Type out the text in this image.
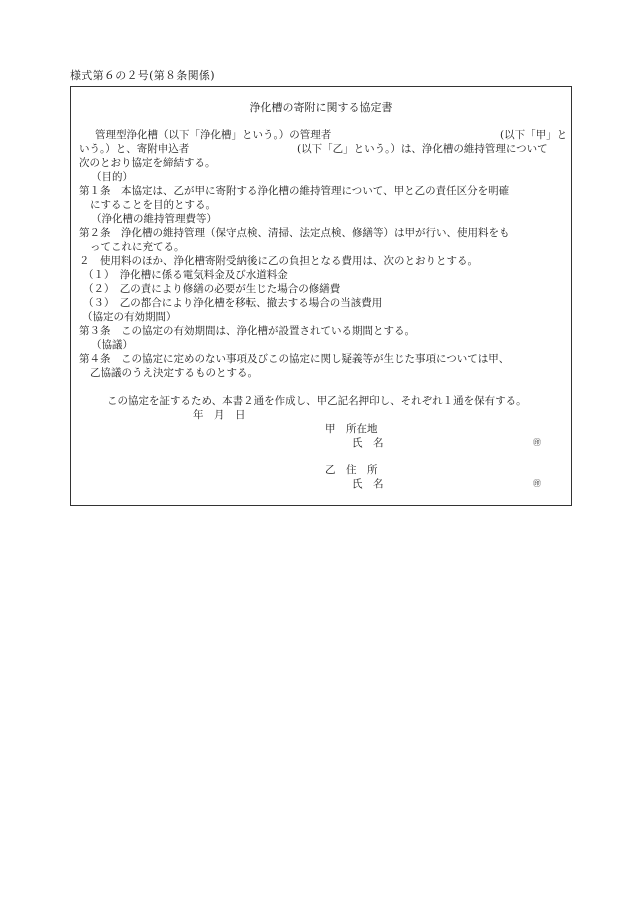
様式第６の２号(第８条関係)
浄化槽の寄附に関する協定書
この協定を証するため、本書２通を作成し、甲乙記名押印し、それぞれ１通を保有する。
年　月　日
㊞
㊞
管理型浄化槽（以下「浄化槽」という。）の管理者	(以下「甲」と
いう。）と、寄附申込者	(以下「乙」という。）は、浄化槽の維持管理について
次のとおり協定を締結する。
（目的）
第１条　本協定は、乙が甲に寄附する浄化槽の維持管理について、甲と乙の責任区分を明確
にすることを目的とする。
（浄化槽の維持管理費等）
第２条　浄化槽の維持管理（保守点検、清掃、法定点検、修繕等）は甲が行い、使用料をも
ってこれに充てる。
２　使用料のほか、浄化槽寄附受納後に乙の負担となる費用は、次のとおりとする。
（１）　浄化槽に係る電気料金及び水道料金
（２）　乙の責により修繕の必要が生じた場合の修繕費
（３）　乙の都合により浄化槽を移転、撤去する場合の当該費用
（協定の有効期間）
第３条　この協定の有効期間は、浄化槽が設置されている期間とする。
（協議）
第４条　この協定に定めのない事項及びこの協定に関し疑義等が生じた事項については甲、
乙協議のうえ決定するものとする。
甲　所在地
氏　名
乙　住　所
氏　名
